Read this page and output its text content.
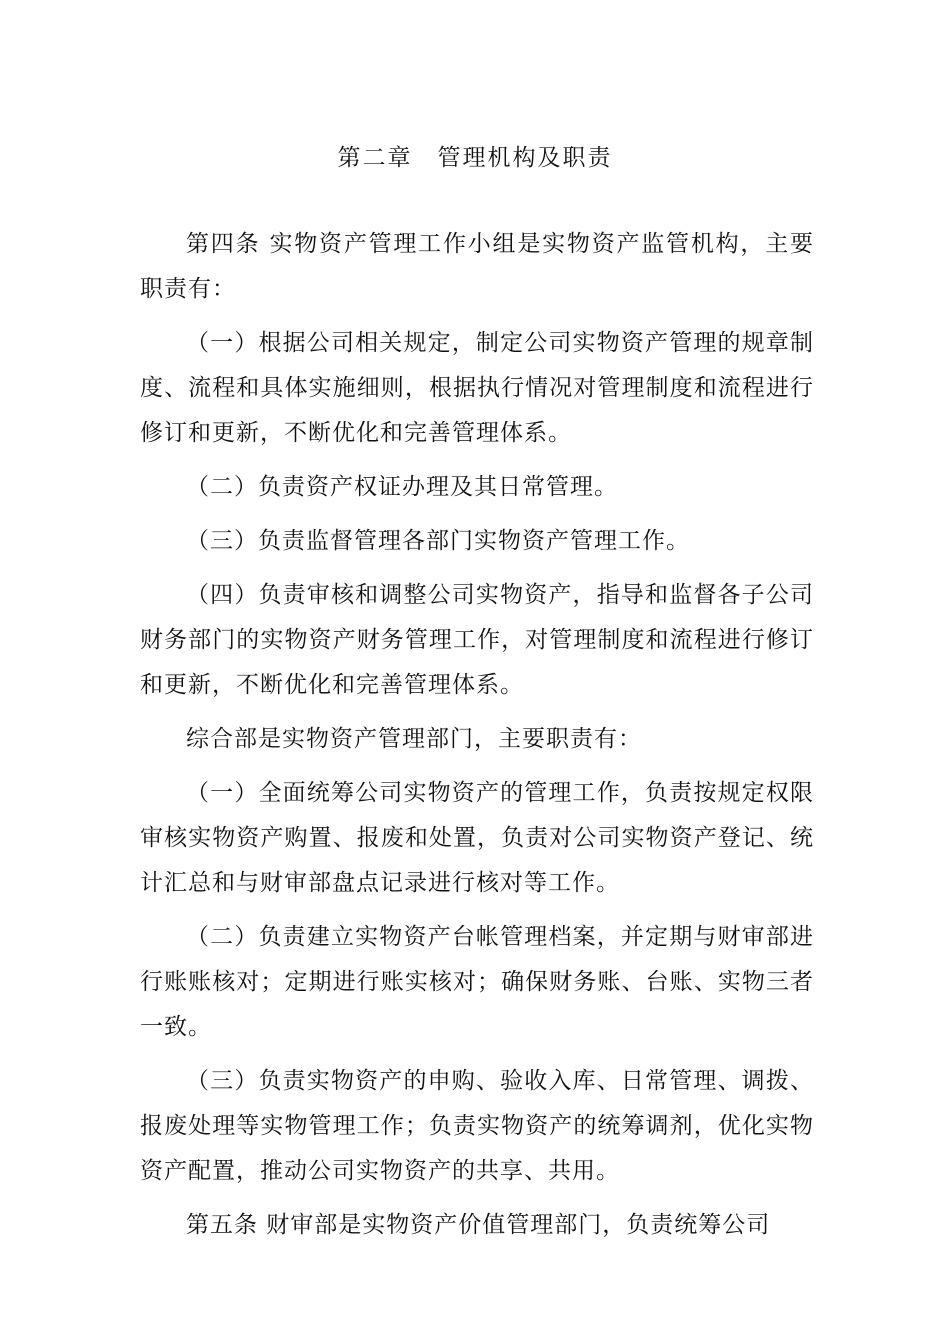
第二章　管理机构及职责

第四条 实物资产管理工作小组是实物资产监管机构，主要职责有：

（一）根据公司相关规定，制定公司实物资产管理的规章制度、流程和具体实施细则，根据执行情况对管理制度和流程进行修订和更新，不断优化和完善管理体系。

（二）负责资产权证办理及其日常管理。

（三）负责监督管理各部门实物资产管理工作。

（四）负责审核和调整公司实物资产，指导和监督各子公司财务部门的实物资产财务管理工作，对管理制度和流程进行修订和更新，不断优化和完善管理体系。

综合部是实物资产管理部门，主要职责有：

（一）全面统筹公司实物资产的管理工作，负责按规定权限审核实物资产购置、报废和处置，负责对公司实物资产登记、统计汇总和与财审部盘点记录进行核对等工作。

（二）负责建立实物资产台帐管理档案，并定期与财审部进行账账核对；定期进行账实核对；确保财务账、台账、实物三者一致。

（三）负责实物资产的申购、验收入库、日常管理、调拨、报废处理等实物管理工作；负责实物资产的统筹调剂，优化实物资产配置，推动公司实物资产的共享、共用。

第五条 财审部是实物资产价值管理部门，负责统筹公司
